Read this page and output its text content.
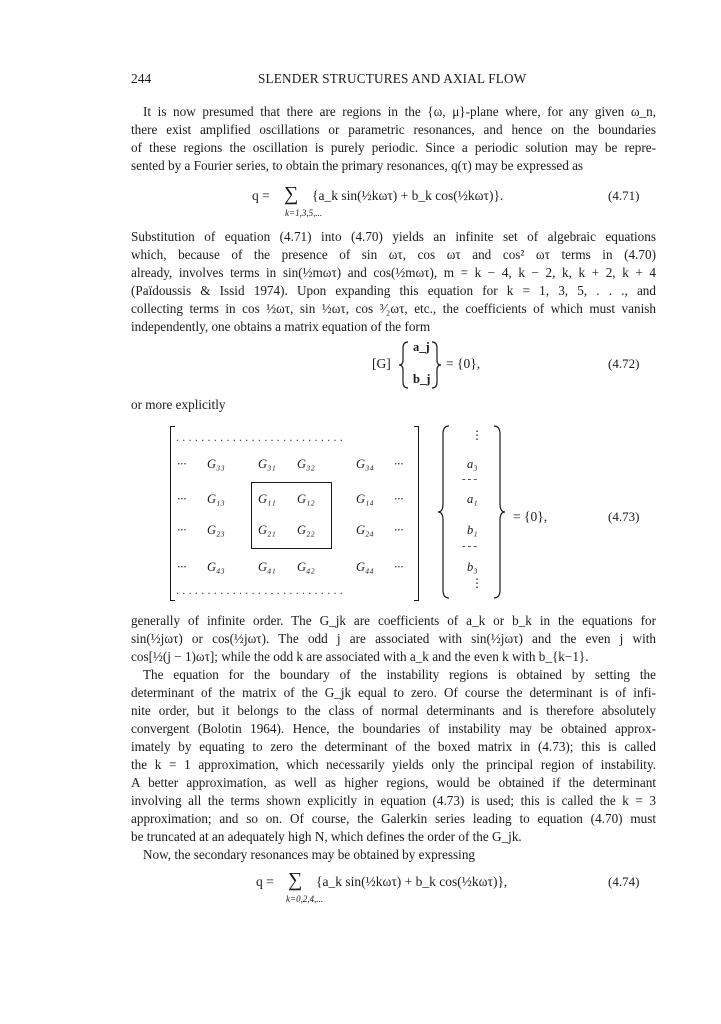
244	SLENDER STRUCTURES AND AXIAL FLOW
It is now presumed that there are regions in the {ω, μ}-plane where, for any given ω_n,
there exist amplified oscillations or parametric resonances, and hence on the boundaries
of these regions the oscillation is purely periodic. Since a periodic solution may be repre-
sented by a Fourier series, to obtain the primary resonances, q(τ) may be expressed as
q = ∑ {a_k sin(½kωτ) + b_k cos(½kωτ)}.
k=1,3,5,...
(4.71)
Substitution of equation (4.71) into (4.70) yields an infinite set of algebraic equations
which, because of the presence of sin ωτ, cos ωτ and cos² ωτ terms in (4.70)
already, involves terms in sin(½mωτ) and cos(½mωτ), m = k − 4, k − 2, k, k + 2, k + 4
(Païdoussis & Issid 1974). Upon expanding this equation for k = 1, 3, 5, . . ., and
collecting terms in cos ½ωτ, sin ½ωτ, cos ³⁄₂ωτ, etc., the coefficients of which must vanish
independently, one obtains a matrix equation of the form
[G]
a_j
b_j
= {0},	(4.72)
or more explicitly
...........................
...........................
··· G₃₃	G₃₁ G₃₂	G₃₄ ···
··· G₁₃	G₁₁ G₁₂	G₁₄ ···
··· G₂₃	G₂₁ G₂₂	G₂₄ ···
··· G₄₃	G₄₁ G₄₂	G₄₄ ···
⋮
a₃
---
a₁
b₁
---
b₃
⋮
= {0},	(4.73)
generally of infinite order. The G_jk are coefficients of a_k or b_k in the equations for
sin(½jωτ) or cos(½jωτ). The odd j are associated with sin(½jωτ) and the even j with
cos[½(j − 1)ωτ]; while the odd k are associated with a_k and the even k with b_{k−1}.
The equation for the boundary of the instability regions is obtained by setting the
determinant of the matrix of the G_jk equal to zero. Of course the determinant is of infi-
nite order, but it belongs to the class of normal determinants and is therefore absolutely
convergent (Bolotin 1964). Hence, the boundaries of instability may be obtained approx-
imately by equating to zero the determinant of the boxed matrix in (4.73); this is called
the k = 1 approximation, which necessarily yields only the principal region of instability.
A better approximation, as well as higher regions, would be obtained if the determinant
involving all the terms shown explicitly in equation (4.73) is used; this is called the k = 3
approximation; and so on. Of course, the Galerkin series leading to equation (4.70) must
be truncated at an adequately high N, which defines the order of the G_jk.
Now, the secondary resonances may be obtained by expressing
q = ∑ {a_k sin(½kωτ) + b_k cos(½kωτ)},
k=0,2,4,...
(4.74)
